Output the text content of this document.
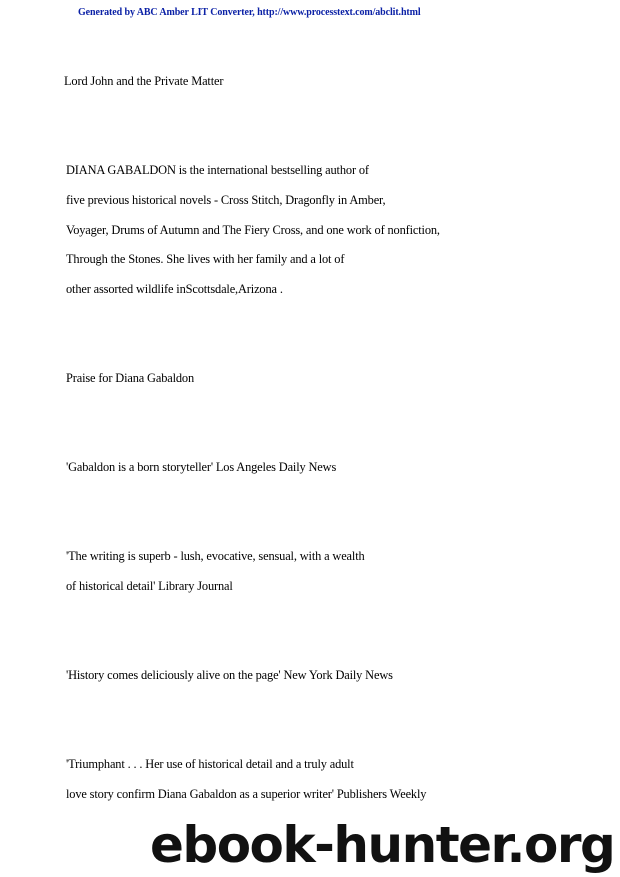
Generated by ABC Amber LIT Converter, http://www.processtext.com/abclit.html
Lord John and the Private Matter
DIANA GABALDON is the international bestselling author of
five previous historical novels - Cross Stitch, Dragonfly in Amber,
Voyager, Drums of Autumn and The Fiery Cross, and one work of nonfiction,
Through the Stones. She lives with her family and a lot of
other assorted wildlife inScottsdale,Arizona .
Praise for Diana Gabaldon
'Gabaldon is a born storyteller' Los Angeles Daily News
'The writing is superb - lush, evocative, sensual, with a wealth
of historical detail' Library Journal
'History comes deliciously alive on the page' New York Daily News
'Triumphant . . . Her use of historical detail and a truly adult
love story confirm Diana Gabaldon as a superior writer' Publishers Weekly
ebook-hunter.org
